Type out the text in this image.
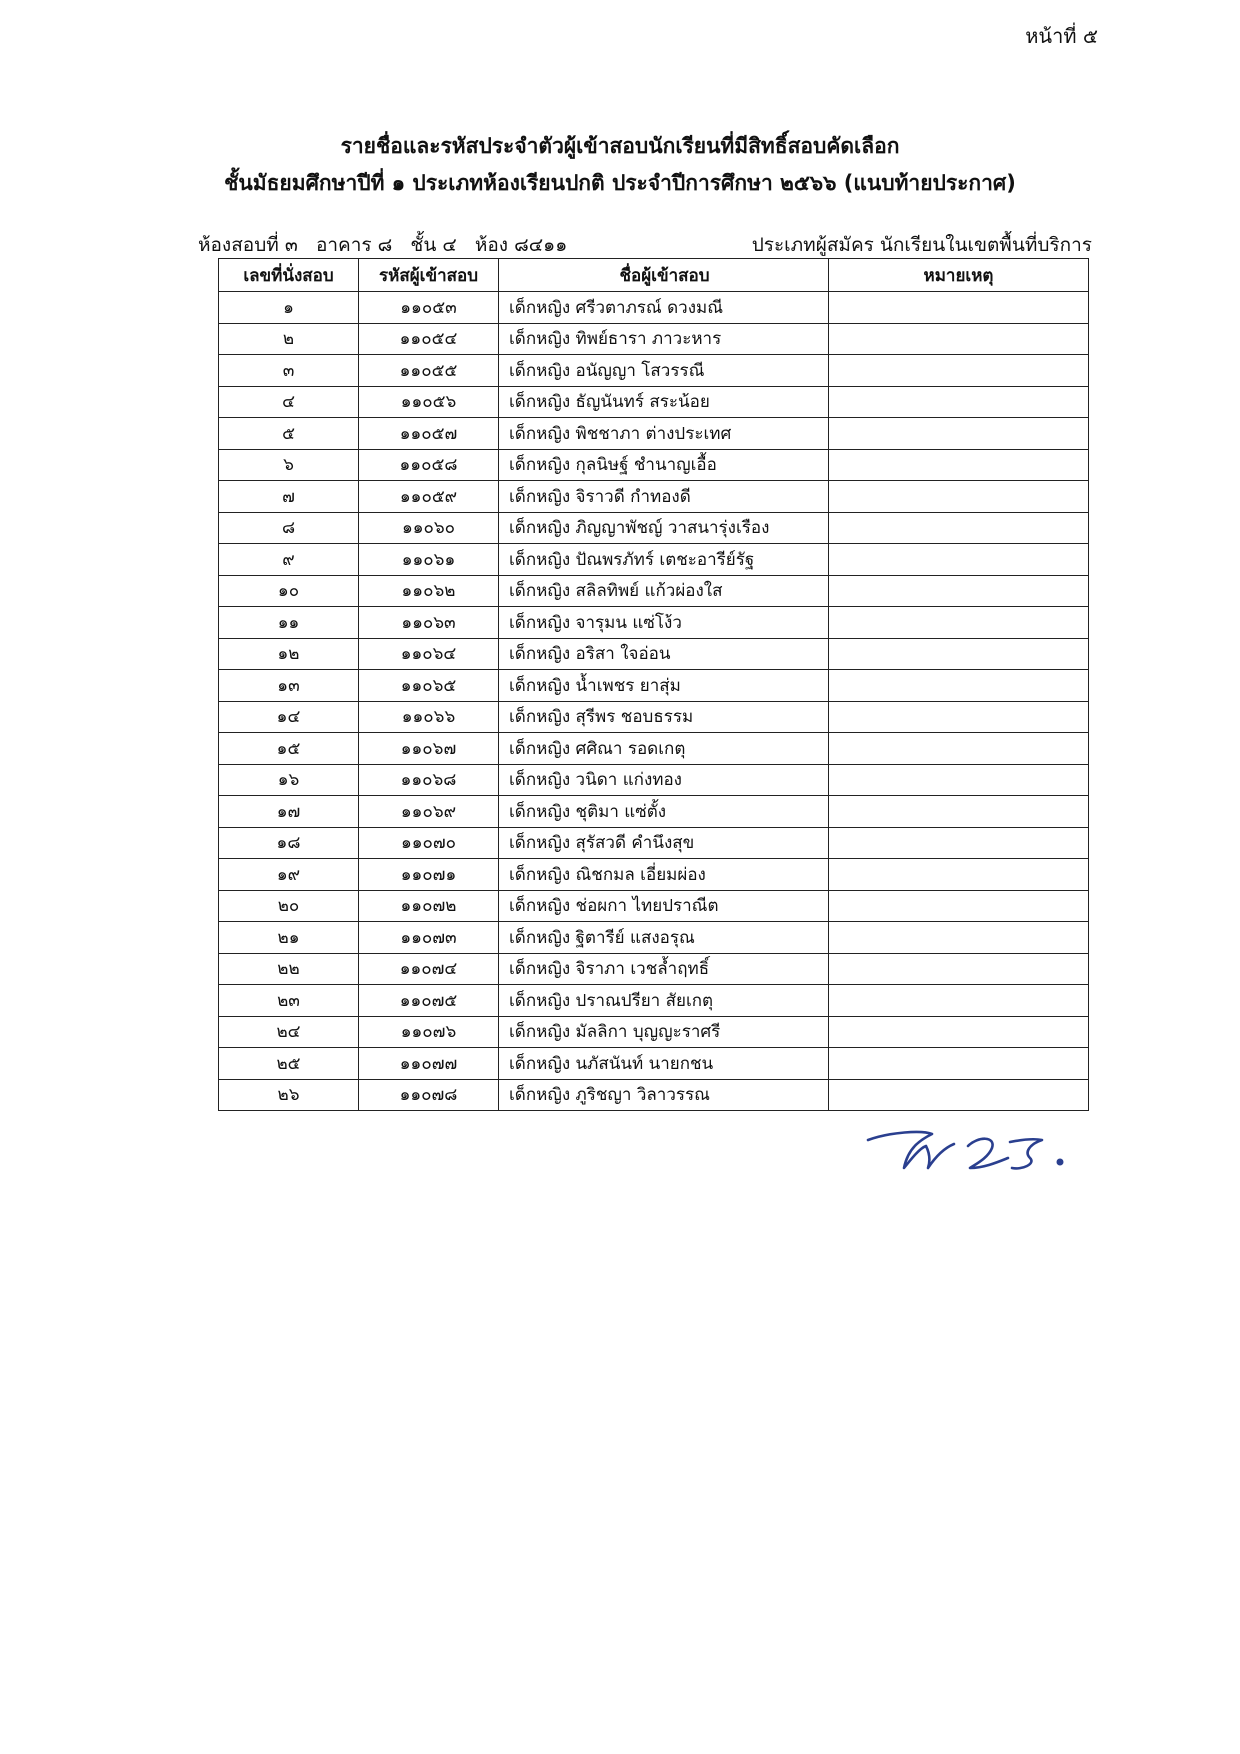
หน้าที่ ๕
รายชื่อและรหัสประจำตัวผู้เข้าสอบนักเรียนที่มีสิทธิ์สอบคัดเลือก
ชั้นมัธยมศึกษาปีที่ ๑ ประเภทห้องเรียนปกติ ประจำปีการศึกษา ๒๕๖๖ (แนบท้ายประกาศ)
ห้องสอบที่ ๓   อาคาร ๘   ชั้น ๔   ห้อง ๘๔๑๑	ประเภทผู้สมัคร นักเรียนในเขตพื้นที่บริการ
เลขที่นั่งสอบ	รหัสผู้เข้าสอบ	ชื่อผู้เข้าสอบ	หมายเหตุ
๑	๑๑๐๕๓	เด็กหญิง ศรีวตาภรณ์ ดวงมณี	
๒	๑๑๐๕๔	เด็กหญิง ทิพย์ธารา ภาวะหาร	
๓	๑๑๐๕๕	เด็กหญิง อนัญญา โสวรรณี	
๔	๑๑๐๕๖	เด็กหญิง ธัญนันทร์ สระน้อย	
๕	๑๑๐๕๗	เด็กหญิง พิชชาภา ต่างประเทศ	
๖	๑๑๐๕๘	เด็กหญิง กุลนิษฐ์ ชำนาญเอื้อ	
๗	๑๑๐๕๙	เด็กหญิง จิราวดี กำทองดี	
๘	๑๑๐๖๐	เด็กหญิง ภิญญาพัชญ์ วาสนารุ่งเรือง	
๙	๑๑๐๖๑	เด็กหญิง ปัณพรภัทร์ เตชะอารีย์รัฐ	
๑๐	๑๑๐๖๒	เด็กหญิง สลิลทิพย์ แก้วผ่องใส	
๑๑	๑๑๐๖๓	เด็กหญิง จารุมน แซ่โง้ว	
๑๒	๑๑๐๖๔	เด็กหญิง อริสา ใจอ่อน	
๑๓	๑๑๐๖๕	เด็กหญิง น้ำเพชร ยาสุ่ม	
๑๔	๑๑๐๖๖	เด็กหญิง สุรีพร ชอบธรรม	
๑๕	๑๑๐๖๗	เด็กหญิง ศศิณา รอดเกตุ	
๑๖	๑๑๐๖๘	เด็กหญิง วนิดา แก่งทอง	
๑๗	๑๑๐๖๙	เด็กหญิง ชุติมา แซ่ตั้ง	
๑๘	๑๑๐๗๐	เด็กหญิง สุรัสวดี คำนึงสุข	
๑๙	๑๑๐๗๑	เด็กหญิง ณิชกมล เอี่ยมผ่อง	
๒๐	๑๑๐๗๒	เด็กหญิง ช่อผกา ไทยปราณีต	
๒๑	๑๑๐๗๓	เด็กหญิง ฐิตารีย์ แสงอรุณ	
๒๒	๑๑๐๗๔	เด็กหญิง จิราภา เวชล้ำฤทธิ์	
๒๓	๑๑๐๗๕	เด็กหญิง ปราณปรียา สัยเกตุ	
๒๔	๑๑๐๗๖	เด็กหญิง มัลลิกา บุญญะราศรี	
๒๕	๑๑๐๗๗	เด็กหญิง นภัสนันท์ นายกชน	
๒๖	๑๑๐๗๘	เด็กหญิง ภูริชญา วิลาวรรณ	
